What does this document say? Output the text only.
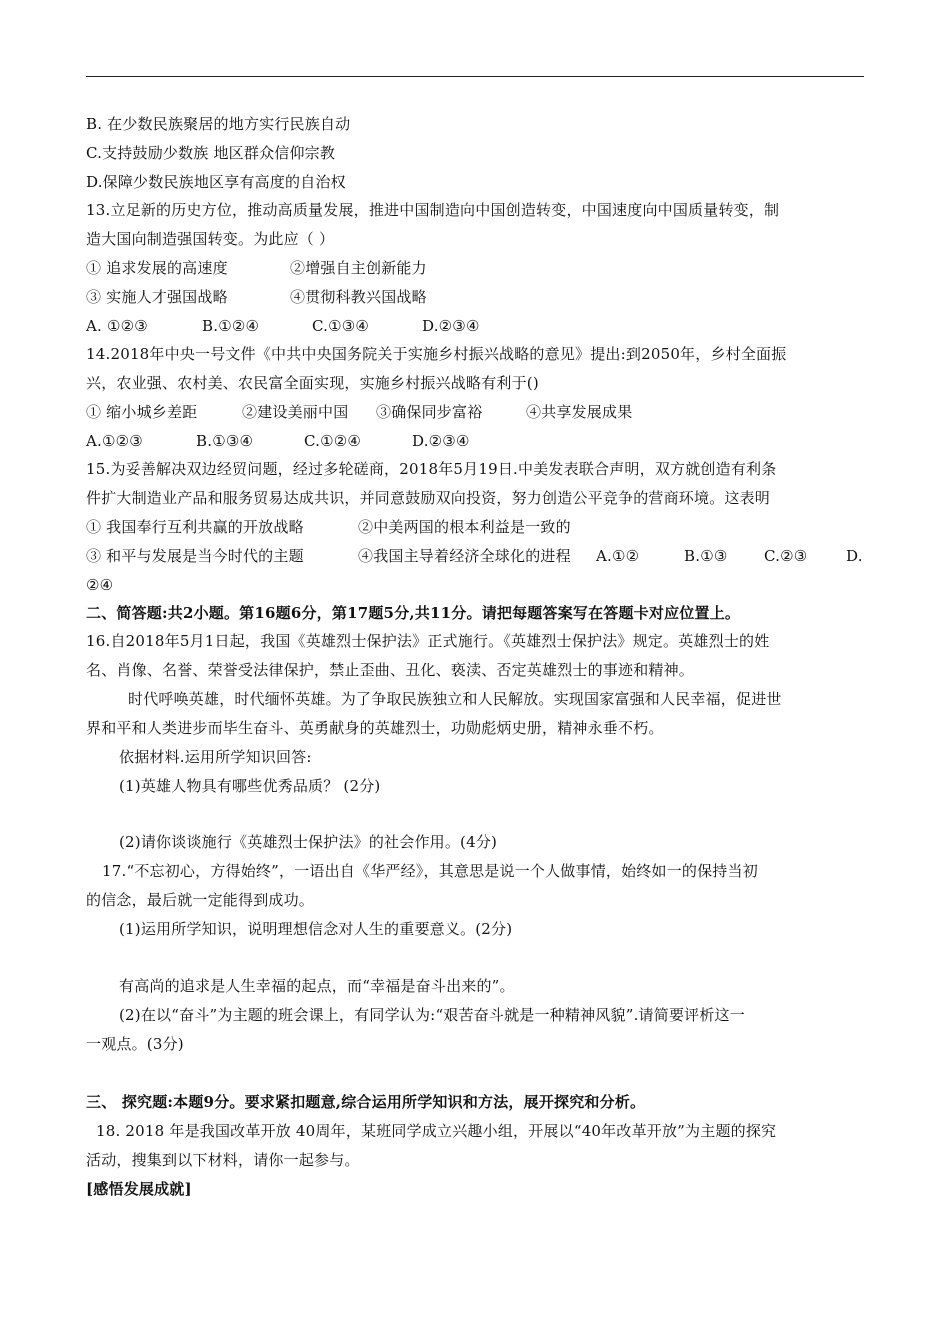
B. 在少数民族聚居的地方实行民族自动
C.支持鼓励少数族 地区群众信仰宗教
D.保障少数民族地区享有高度的自治权
13.立足新的历史方位，推动高质量发展，推进中国制造向中国创造转变，中国速度向中国质量转变，制
造大国向制造强国转变。为此应（ ）
① 追求发展的高速度	②增强自主创新能力
③ 实施人才强国战略	④贯彻科教兴国战略
A. ①②③	B.①②④	C.①③④	D.②③④
14.2018年中央一号文件《中共中央国务院关于实施乡村振兴战略的意见》提出:到2050年，乡村全面振
兴，农业强、农村美、农民富全面实现，实施乡村振兴战略有利于()
① 缩小城乡差距	②建设美丽中国 ③确保同步富裕	④共享发展成果
A.①②③	B.①③④	C.①②④	D.②③④
15.为妥善解决双边经贸问题，经过多轮磋商，2018年5月19日.中美发表联合声明，双方就创造有利条
件扩大制造业产品和服务贸易达成共识，并同意鼓励双向投资，努力创造公平竞争的营商环境。这表明
① 我国奉行互利共赢的开放战略	②中美两国的根本利益是一致的
③ 和平与发展是当今时代的主题	④我国主导着经济全球化的进程 A.①②	B.①③ C.②③	D.
②④
二、简答题:共2小题。第16题6分，第17题5分,共11分。请把每题答案写在答题卡对应位置上。
16.自2018年5月1日起，我国《英雄烈士保护法》正式施行。《英雄烈士保护法》规定。英雄烈士的姓
名、肖像、名誉、荣誉受法律保护，禁止歪曲、丑化、亵渎、否定英雄烈士的事迹和精神。
时代呼唤英雄，时代缅怀英雄。为了争取民族独立和人民解放。实现国家富强和人民幸福，促进世
界和平和人类进步而毕生奋斗、英勇献身的英雄烈士，功勋彪炳史册，精神永垂不朽。
依据材料.运用所学知识回答:
(1)英雄人物具有哪些优秀品质？ (2分)
(2)请你谈谈施行《英雄烈士保护法》的社会作用。(4分)
17.“不忘初心，方得始终”，一语出自《华严经》，其意思是说一个人做事情，始终如一的保持当初
的信念，最后就一定能得到成功。
(1)运用所学知识，说明理想信念对人生的重要意义。(2分)
有高尚的追求是人生幸福的起点，而“幸福是奋斗出来的”。
(2)在以“奋斗”为主题的班会课上，有同学认为:“艰苦奋斗就是一种精神风貌”.请简要评析这一
一观点。(3分)
三、 探究题:本题9分。要求紧扣题意,综合运用所学知识和方法，展开探究和分析。
18. 2018 年是我国改革开放 40周年，某班同学成立兴趣小组，开展以“40年改革开放”为主题的探究
活动，搜集到以下材料，请你一起参与。
[感悟发展成就]
